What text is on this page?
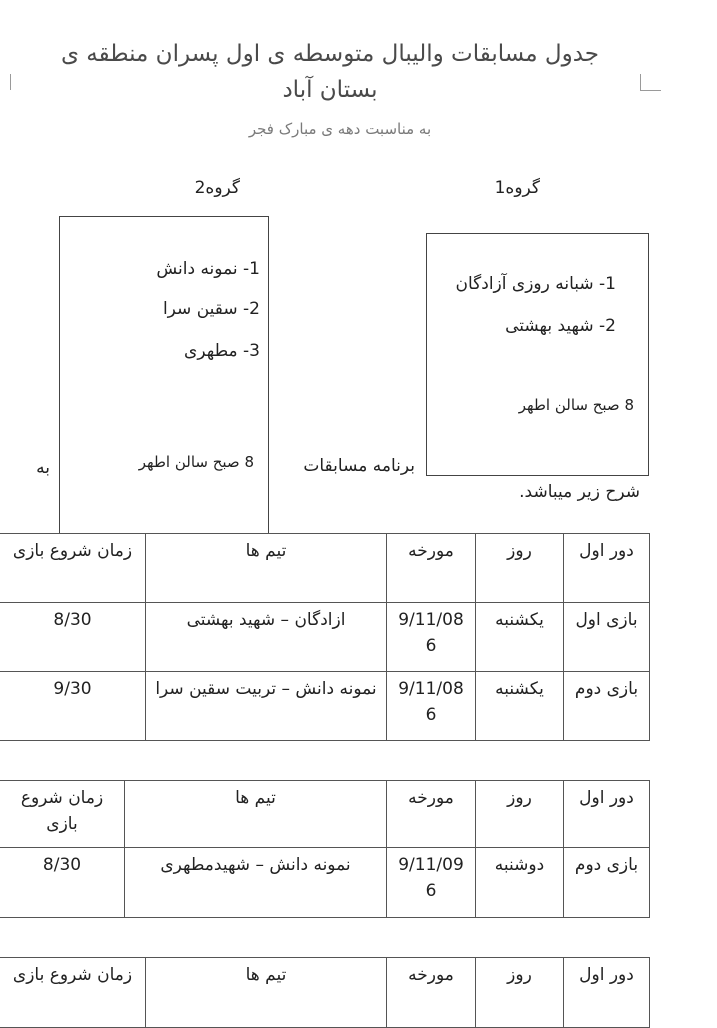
جدول مسابقات والیبال متوسطه ی اول پسران منطقه ی
بستان آباد
به مناسبت دهه ی مبارک فجر
گروه1
1- شبانه روزی آزادگان
2- شهید بهشتی
8 صبح سالن اطهر
گروه2
1- نمونه دانش
2- سقین سرا
3- مطهری
8 صبح سالن اطهر	برنامه مسابقات
به
شرح زیر میباشد.
دور اول	روز	مورخه	تیم ها	زمان شروع بازی
بازی اول	یکشنبه	9/11/08 6	ازادگان – شهید بهشتی	8/30
بازی دوم	یکشنبه	9/11/08 6	نمونه دانش – تربیت سقین سرا	9/30
دور اول	روز	مورخه	تیم ها	زمان شروع بازی
بازی دوم	دوشنبه	9/11/09 6	نمونه دانش – شهیدمطهری	8/30
دور اول	روز	مورخه	تیم ها	زمان شروع بازی
